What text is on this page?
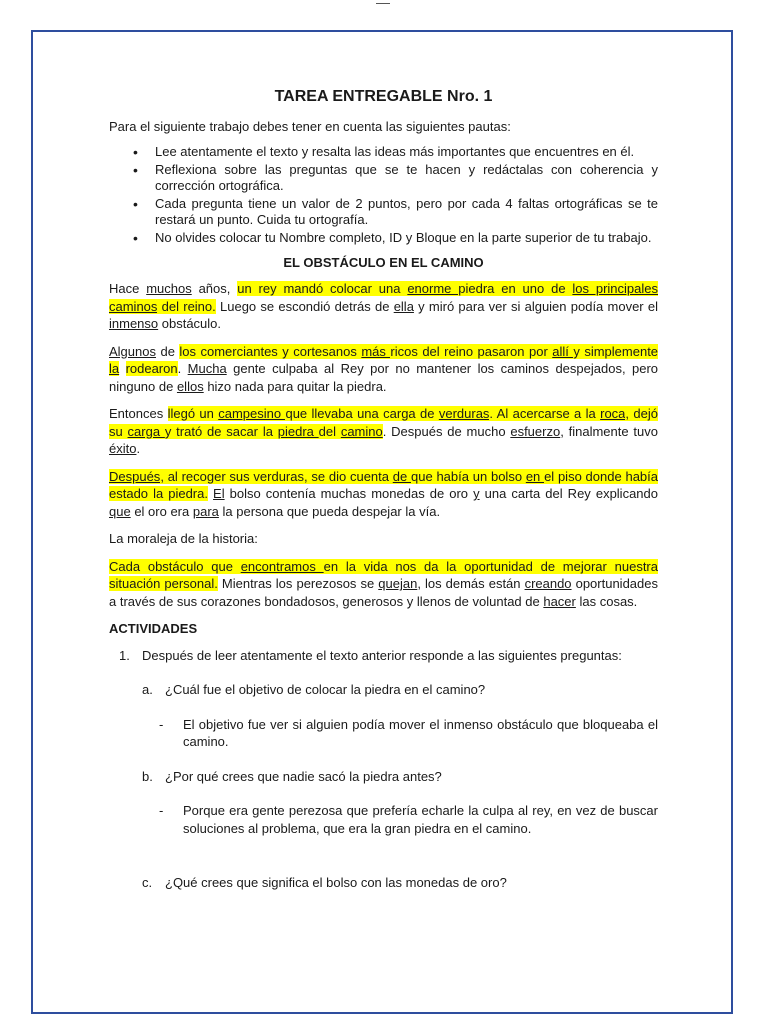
TAREA ENTREGABLE Nro. 1

Para el siguiente trabajo debes tener en cuenta las siguientes pautas:

• Lee atentamente el texto y resalta las ideas más importantes que encuentres en él.
• Reflexiona sobre las preguntas que se te hacen y redáctalas con coherencia y corrección ortográfica.
• Cada pregunta tiene un valor de 2 puntos, pero por cada 4 faltas ortográficas se te restará un punto. Cuida tu ortografía.
• No olvides colocar tu Nombre completo, ID y Bloque en la parte superior de tu trabajo.
EL OBSTÁCULO EN EL CAMINO

Hace muchos años, un rey mandó colocar una enorme piedra en uno de los principales caminos del reino. Luego se escondió detrás de ella y miró para ver si alguien podía mover el inmenso obstáculo.

Algunos de los comerciantes y cortesanos más ricos del reino pasaron por allí y simplemente la rodearon. Mucha gente culpaba al Rey por no mantener los caminos despejados, pero ninguno de ellos hizo nada para quitar la piedra.

Entonces llegó un campesino que llevaba una carga de verduras. Al acercarse a la roca, dejó su carga y trató de sacar la piedra del camino. Después de mucho esfuerzo, finalmente tuvo éxito.

Después, al recoger sus verduras, se dio cuenta de que había un bolso en el piso donde había estado la piedra. El bolso contenía muchas monedas de oro y una carta del Rey explicando que el oro era para la persona que pueda despejar la vía.

La moraleja de la historia:

Cada obstáculo que encontramos en la vida nos da la oportunidad de mejorar nuestra situación personal. Mientras los perezosos se quejan, los demás están creando oportunidades a través de sus corazones bondadosos, generosos y llenos de voluntad de hacer las cosas.

ACTIVIDADES
1. Después de leer atentamente el texto anterior responde a las siguientes preguntas:
a. ¿Cuál fue el objetivo de colocar la piedra en el camino?
- El objetivo fue ver si alguien podía mover el inmenso obstáculo que bloqueaba el camino.
b. ¿Por qué crees que nadie sacó la piedra antes?
- Porque era gente perezosa que prefería echarle la culpa al rey, en vez de buscar soluciones al problema, que era la gran piedra en el camino.
c. ¿Qué crees que significa el bolso con las monedas de oro?
